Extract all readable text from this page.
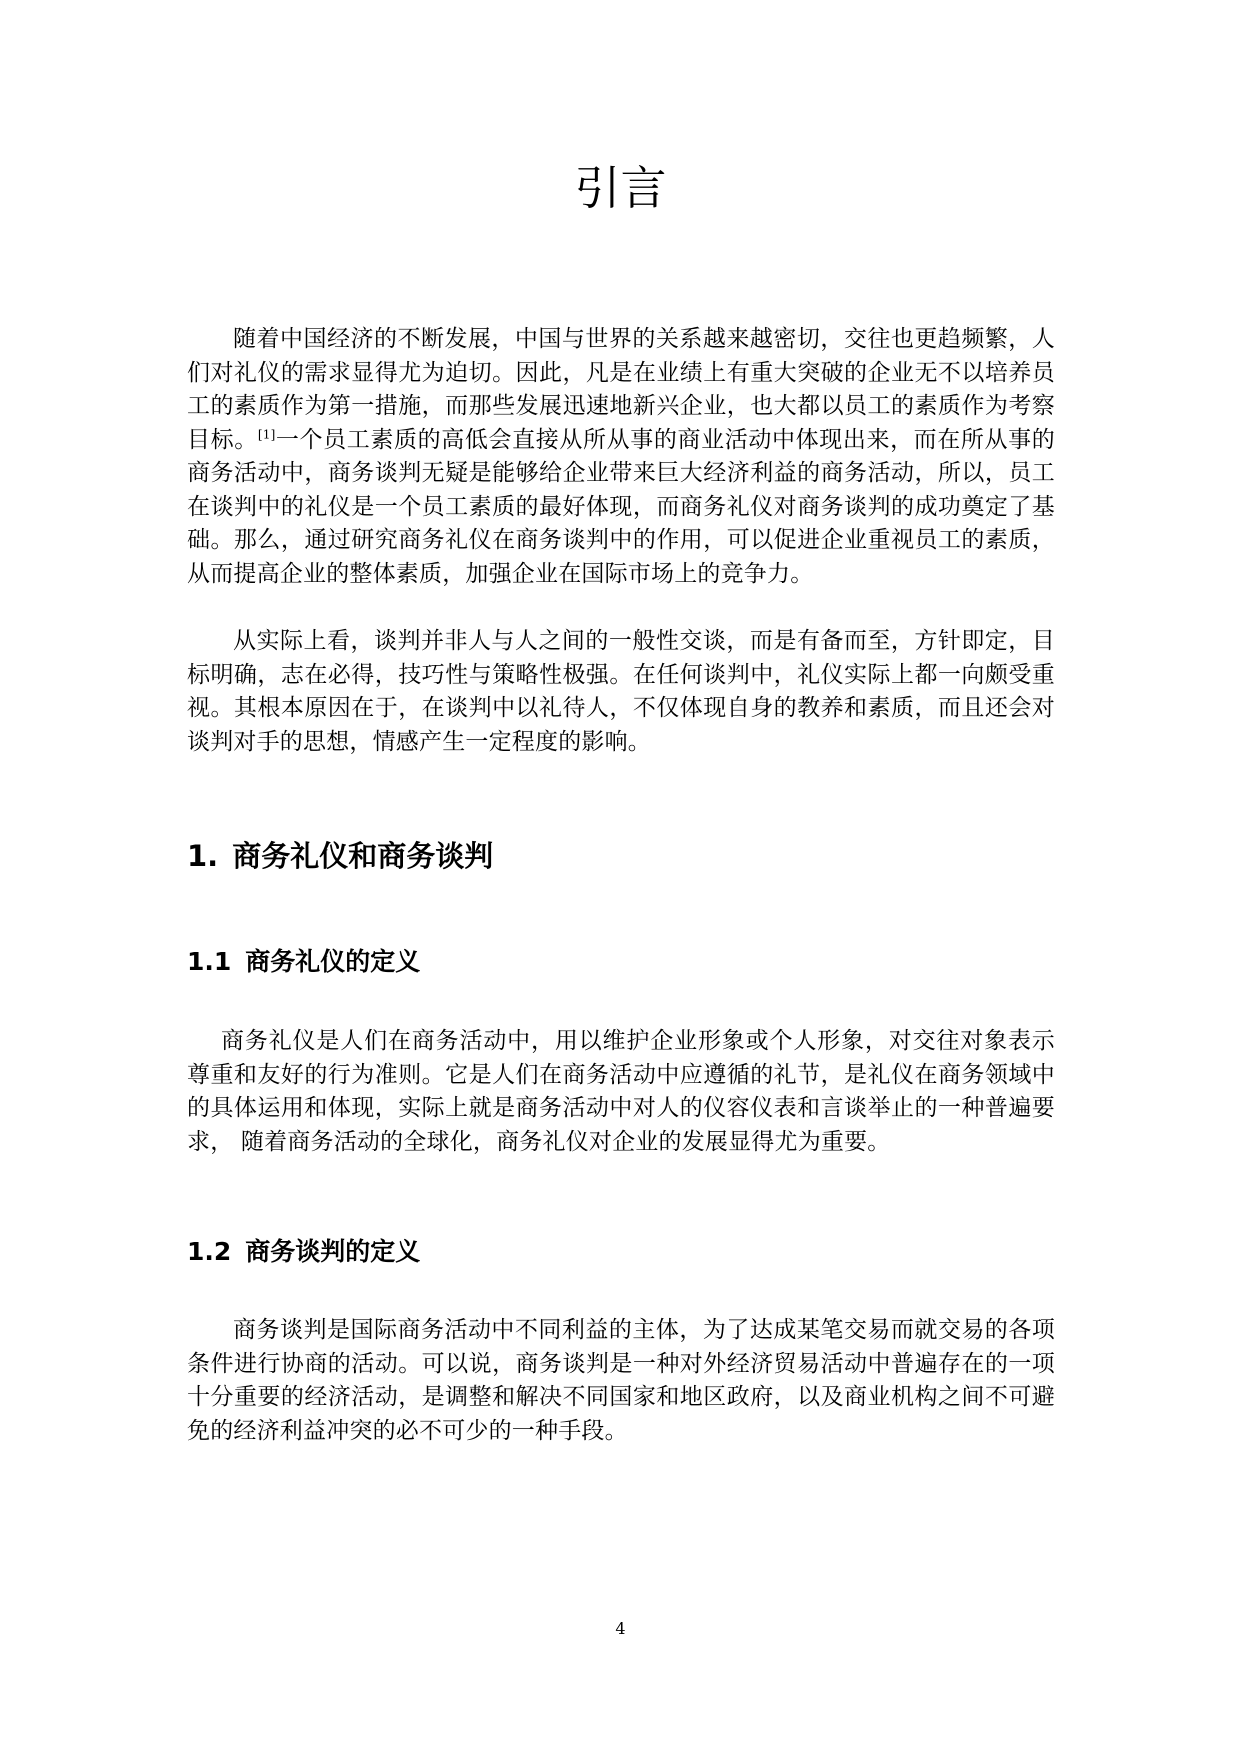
引言

随着中国经济的不断发展，中国与世界的关系越来越密切，交往也更趋频繁，人们对礼仪的需求显得尤为迫切。因此，凡是在业绩上有重大突破的企业无不以培养员工的素质作为第一措施，而那些发展迅速地新兴企业，也大都以员工的素质作为考察目标。[1]一个员工素质的高低会直接从所从事的商业活动中体现出来，而在所从事的商务活动中，商务谈判无疑是能够给企业带来巨大经济利益的商务活动，所以，员工在谈判中的礼仪是一个员工素质的最好体现，而商务礼仪对商务谈判的成功奠定了基础。那么，通过研究商务礼仪在商务谈判中的作用，可以促进企业重视员工的素质，从而提高企业的整体素质，加强企业在国际市场上的竞争力。

从实际上看，谈判并非人与人之间的一般性交谈，而是有备而至，方针即定，目标明确，志在必得，技巧性与策略性极强。在任何谈判中，礼仪实际上都一向颇受重视。其根本原因在于，在谈判中以礼待人，不仅体现自身的教养和素质，而且还会对谈判对手的思想，情感产生一定程度的影响。

1. 商务礼仪和商务谈判
1.1 商务礼仪的定义

商务礼仪是人们在商务活动中，用以维护企业形象或个人形象，对交往对象表示尊重和友好的行为准则。它是人们在商务活动中应遵循的礼节，是礼仪在商务领域中的具体运用和体现，实际上就是商务活动中对人的仪容仪表和言谈举止的一种普遍要求， 随着商务活动的全球化，商务礼仪对企业的发展显得尤为重要。

1.2 商务谈判的定义

商务谈判是国际商务活动中不同利益的主体，为了达成某笔交易而就交易的各项条件进行协商的活动。可以说，商务谈判是一种对外经济贸易活动中普遍存在的一项十分重要的经济活动，是调整和解决不同国家和地区政府，以及商业机构之间不可避免的经济利益冲突的必不可少的一种手段。

4
